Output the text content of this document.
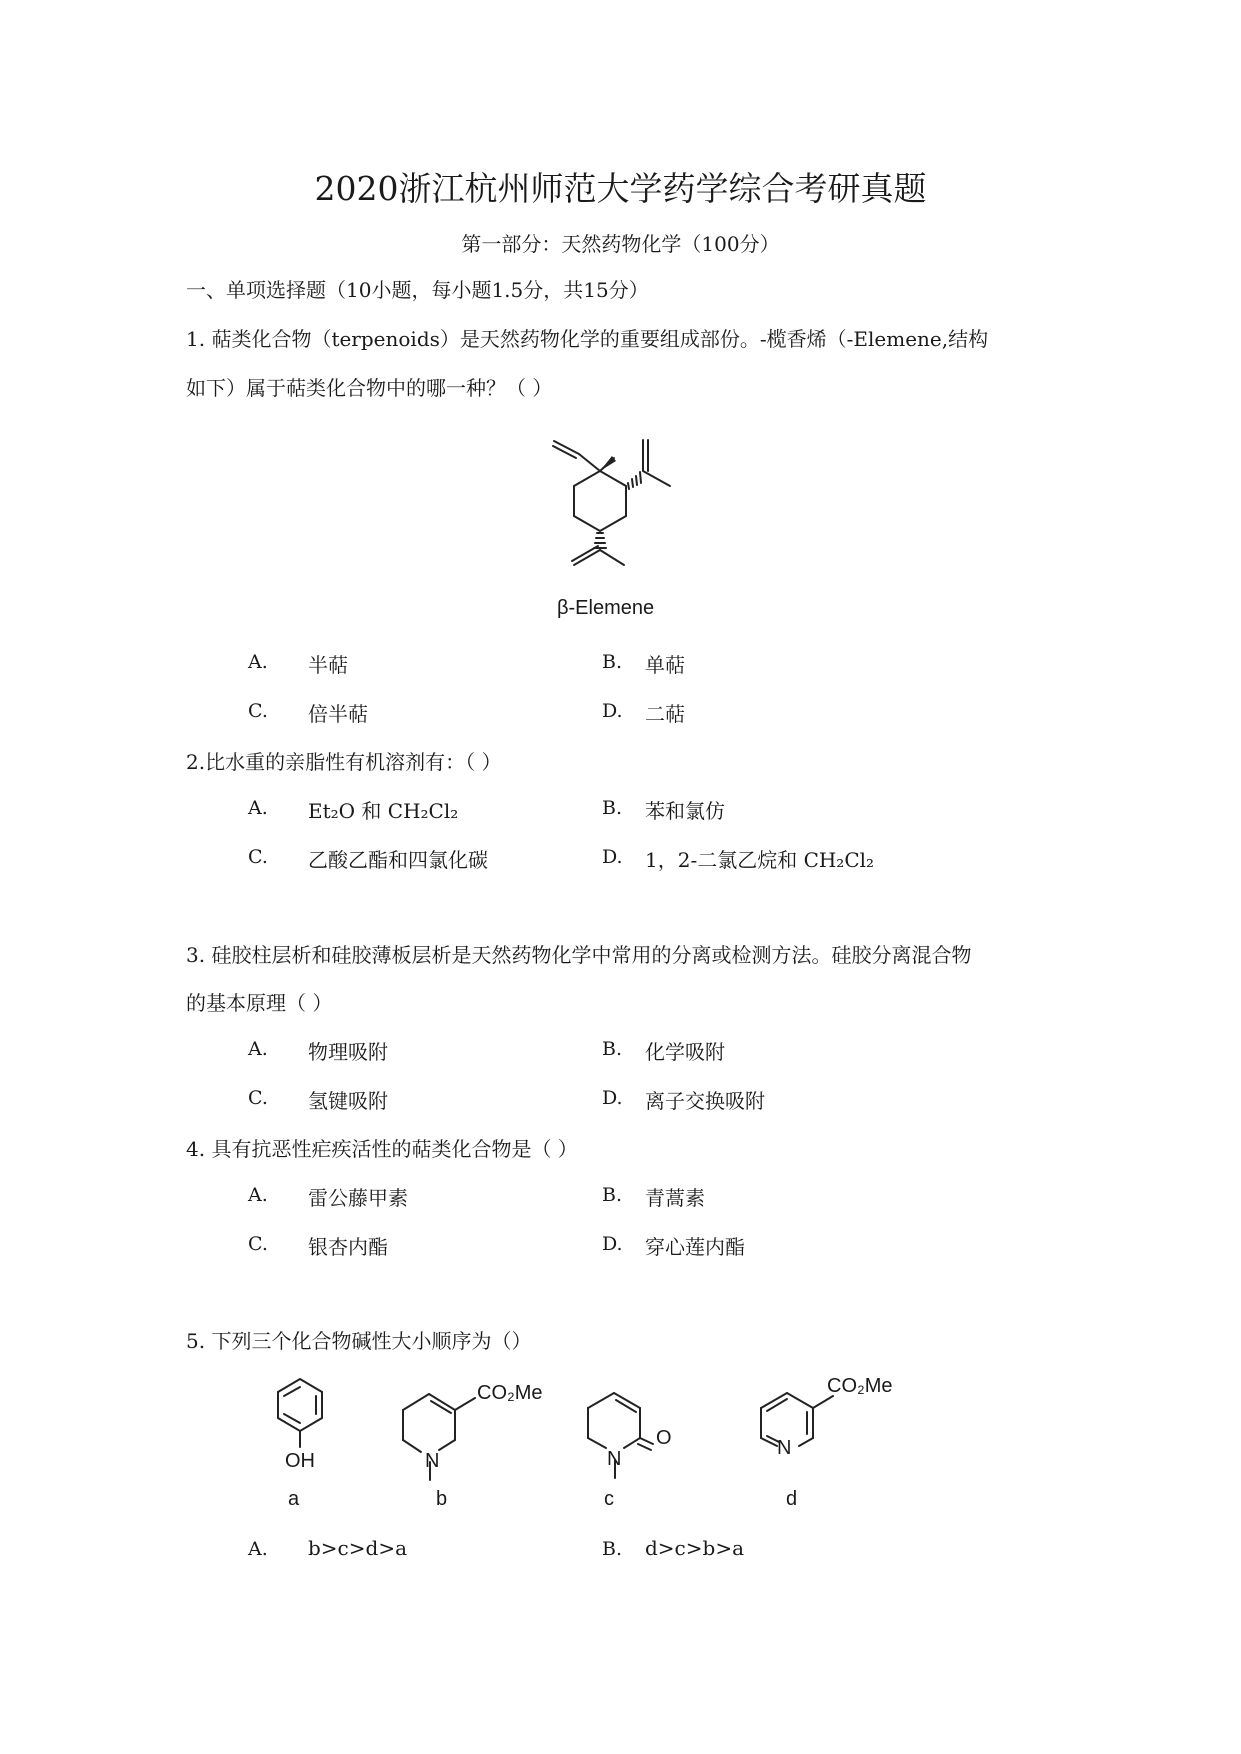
2020浙江杭州师范大学药学综合考研真题
第一部分：天然药物化学（100分）
一、单项选择题（10小题，每小题1.5分，共15分）
1. 萜类化合物（terpenoids）是天然药物化学的重要组成部份。-榄香烯（-Elemene,结构
如下）属于萜类化合物中的哪一种？（ ）
β-Elemene
A. 半萜	B. 单萜
C. 倍半萜	D. 二萜
2.比水重的亲脂性有机溶剂有：（ ）
A. Et₂O 和 CH₂Cl₂	B. 苯和氯仿
C. 乙酸乙酯和四氯化碳	D. 1，2-二氯乙烷和 CH₂Cl₂
3. 硅胶柱层析和硅胶薄板层析是天然药物化学中常用的分离或检测方法。硅胶分离混合物
的基本原理（ ）
A. 物理吸附	B. 化学吸附
C. 氢键吸附	D. 离子交换吸附
4. 具有抗恶性疟疾活性的萜类化合物是（ ）
A. 雷公藤甲素	B. 青蒿素
C. 银杏内酯	D. 穿心莲内酯
5. 下列三个化合物碱性大小顺序为（）
OH
a
N
CO₂Me
b
N
O
c
N
CO₂Me
d
A. b>c>d>a	B. d>c>b>a
